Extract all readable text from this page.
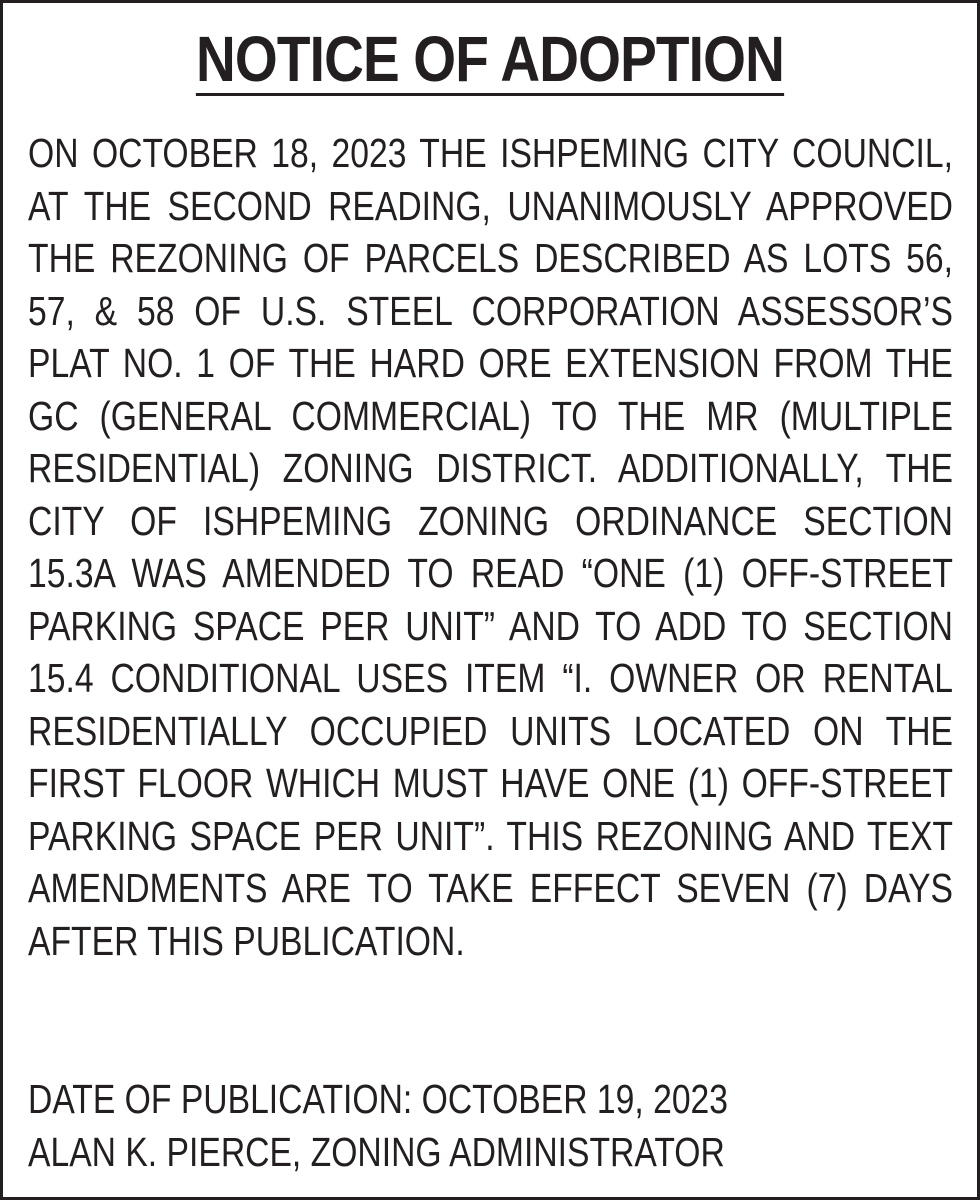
NOTICE OF ADOPTION

ON OCTOBER 18, 2023 THE ISHPEMING CITY COUNCIL, AT THE SECOND READING, UNANIMOUSLY APPROVED THE REZONING OF PARCELS DESCRIBED AS LOTS 56, 57, & 58 OF U.S. STEEL CORPORATION ASSESSOR’S PLAT NO. 1 OF THE HARD ORE EXTENSION FROM THE GC (GENERAL COMMERCIAL) TO THE MR (MULTIPLE RESIDENTIAL) ZONING DISTRICT. ADDITIONALLY, THE CITY OF ISHPEMING ZONING ORDINANCE SECTION 15.3A WAS AMENDED TO READ “ONE (1) OFF-STREET PARKING SPACE PER UNIT” AND TO ADD TO SECTION 15.4 CONDITIONAL USES ITEM “I. OWNER OR RENTAL RESIDENTIALLY OCCUPIED UNITS LOCATED ON THE FIRST FLOOR WHICH MUST HAVE ONE (1) OFF-STREET PARKING SPACE PER UNIT”. THIS REZONING AND TEXT AMENDMENTS ARE TO TAKE EFFECT SEVEN (7) DAYS AFTER THIS PUBLICATION.

DATE OF PUBLICATION: OCTOBER 19, 2023

ALAN K. PIERCE, ZONING ADMINISTRATOR
